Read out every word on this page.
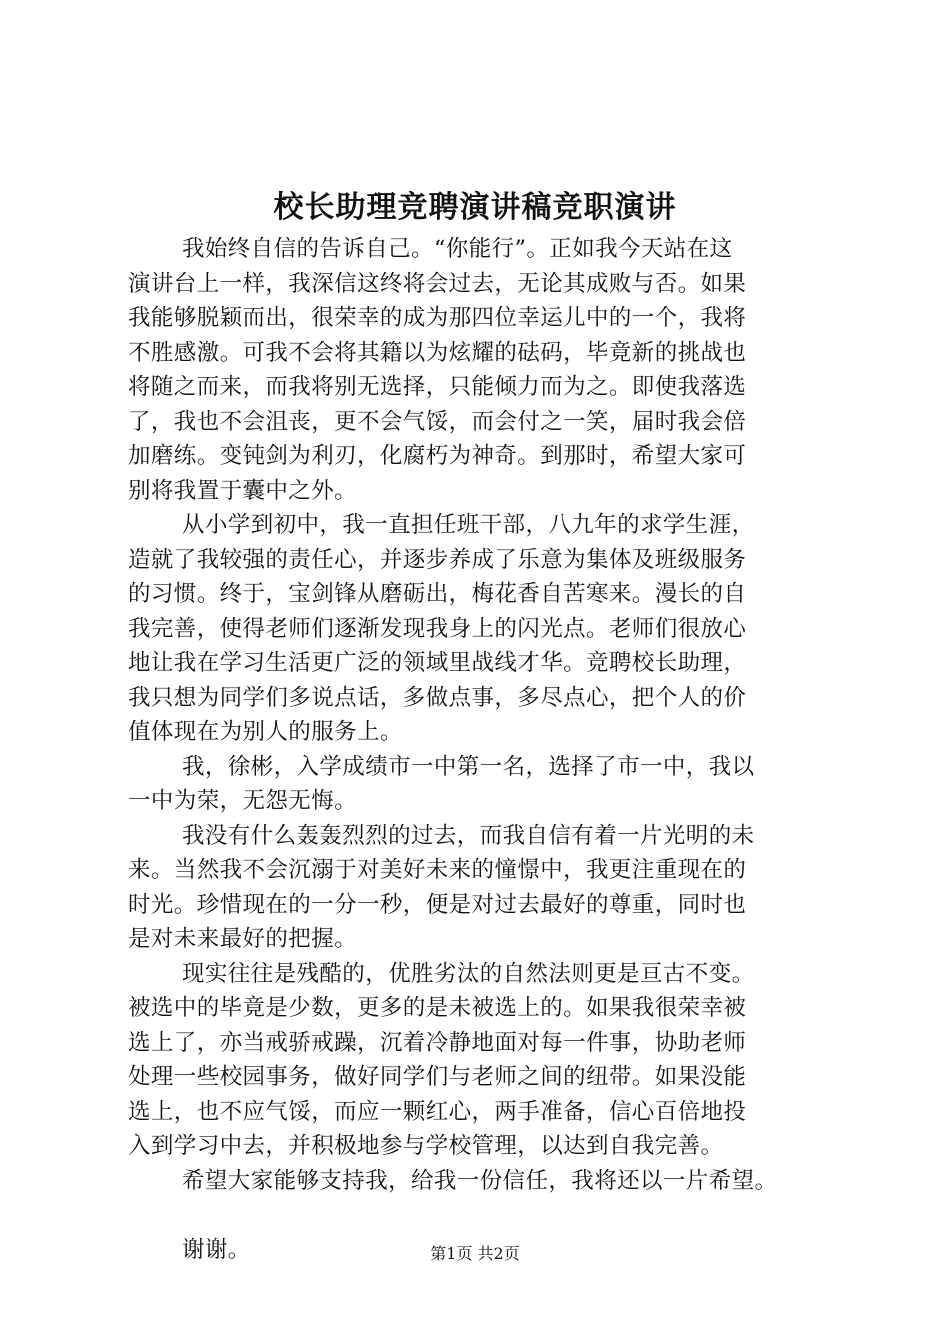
校长助理竞聘演讲稿竞职演讲
我始终自信的告诉自己。“你能行”。正如我今天站在这
演讲台上一样，我深信这终将会过去，无论其成败与否。如果
我能够脱颖而出，很荣幸的成为那四位幸运儿中的一个，我将
不胜感激。可我不会将其籍以为炫耀的砝码，毕竟新的挑战也
将随之而来，而我将别无选择，只能倾力而为之。即使我落选
了，我也不会沮丧，更不会气馁，而会付之一笑，届时我会倍
加磨练。变钝剑为利刃，化腐朽为神奇。到那时，希望大家可
别将我置于囊中之外。
从小学到初中，我一直担任班干部，八九年的求学生涯，
造就了我较强的责任心，并逐步养成了乐意为集体及班级服务
的习惯。终于，宝剑锋从磨砺出，梅花香自苦寒来。漫长的自
我完善，使得老师们逐渐发现我身上的闪光点。老师们很放心
地让我在学习生活更广泛的领域里战线才华。竞聘校长助理，
我只想为同学们多说点话，多做点事，多尽点心，把个人的价
值体现在为别人的服务上。
我，徐彬，入学成绩市一中第一名，选择了市一中，我以
一中为荣，无怨无悔。
我没有什么轰轰烈烈的过去，而我自信有着一片光明的未
来。当然我不会沉溺于对美好未来的憧憬中，我更注重现在的
时光。珍惜现在的一分一秒，便是对过去最好的尊重，同时也
是对未来最好的把握。
现实往往是残酷的，优胜劣汰的自然法则更是亘古不变。
被选中的毕竟是少数，更多的是未被选上的。如果我很荣幸被
选上了，亦当戒骄戒躁，沉着冷静地面对每一件事，协助老师
处理一些校园事务，做好同学们与老师之间的纽带。如果没能
选上，也不应气馁，而应一颗红心，两手准备，信心百倍地投
入到学习中去，并积极地参与学校管理，以达到自我完善。
希望大家能够支持我，给我一份信任，我将还以一片希望。
谢谢。	第1页 共2页
